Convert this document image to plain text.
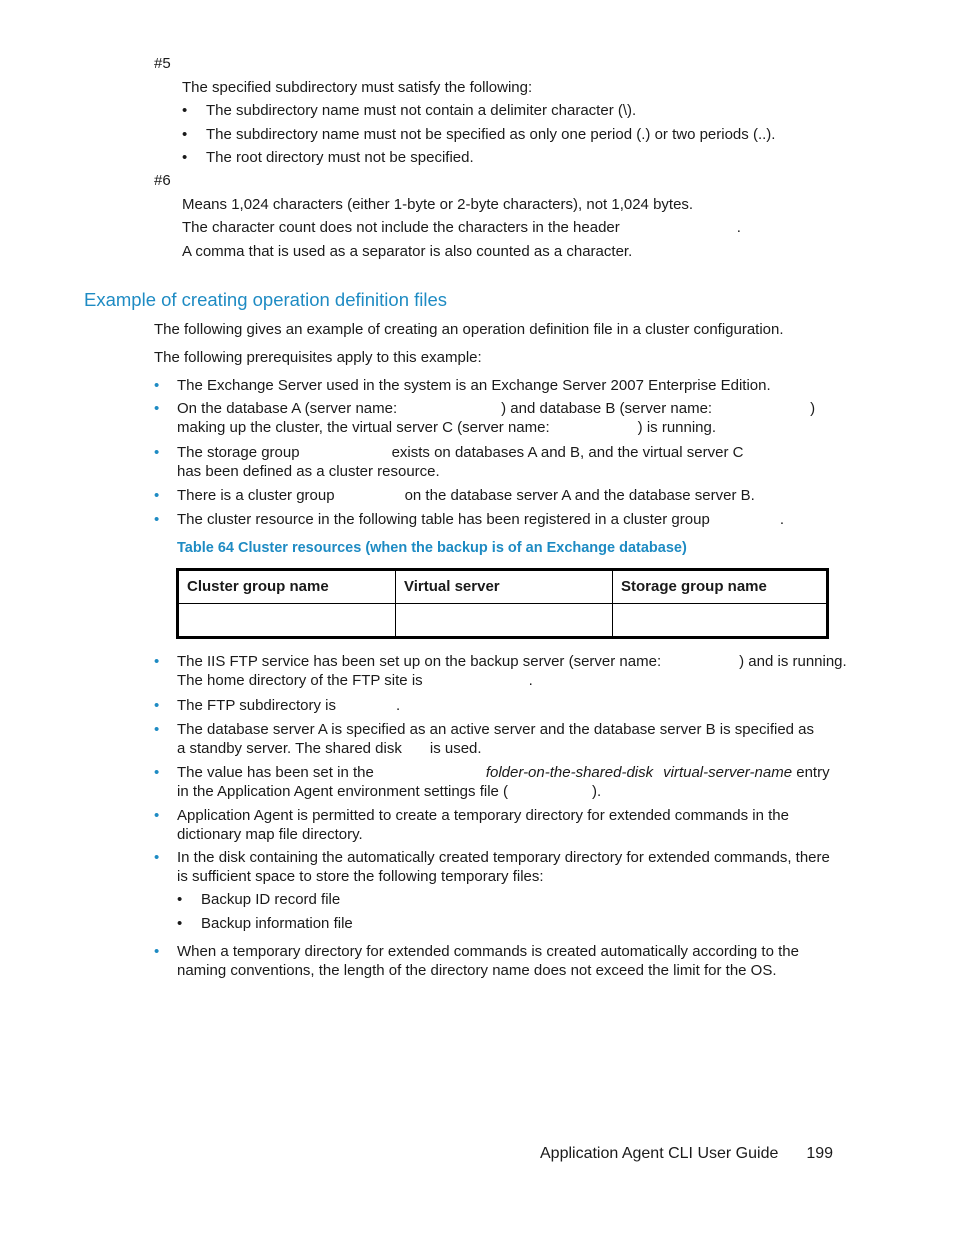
#5
The specified subdirectory must satisfy the following:
• The subdirectory name must not contain a delimiter character (\).
• The subdirectory name must not be specified as only one period (.) or two periods (..).
• The root directory must not be specified.
#6
Means 1,024 characters (either 1-byte or 2-byte characters), not 1,024 bytes.
The character count does not include the characters in the header	.
A comma that is used as a separator is also counted as a character.
Example of creating operation definition files
The following gives an example of creating an operation definition file in a cluster configuration.
The following prerequisites apply to this example:
• The Exchange Server used in the system is an Exchange Server 2007 Enterprise Edition.
• On the database A (server name:	) and database B (server name:	)
making up the cluster, the virtual server C (server name:	) is running.
• The storage group	exists on databases A and B, and the virtual server C
has been defined as a cluster resource.
• There is a cluster group	on the database server A and the database server B.
• The cluster resource in the following table has been registered in a cluster group	.
Table 64 Cluster resources (when the backup is of an Exchange database)
Cluster group name	Virtual server	Storage group name

• The IIS FTP service has been set up on the backup server (server name:	) and is running.
The home directory of the FTP site is	.
• The FTP subdirectory is	.
• The database server A is specified as an active server and the database server B is specified as
a standby server. The shared disk is used.
• The value has been set in the	folder-on-the-shared-disk virtual-server-name entry
in the Application Agent environment settings file (	).
• Application Agent is permitted to create a temporary directory for extended commands in the dictionary map file directory.
• In the disk containing the automatically created temporary directory for extended commands, there is sufficient space to store the following temporary files:
• Backup ID record file
• Backup information file
• When a temporary directory for extended commands is created automatically according to the naming conventions, the length of the directory name does not exceed the limit for the OS.
Application Agent CLI User Guide 199
